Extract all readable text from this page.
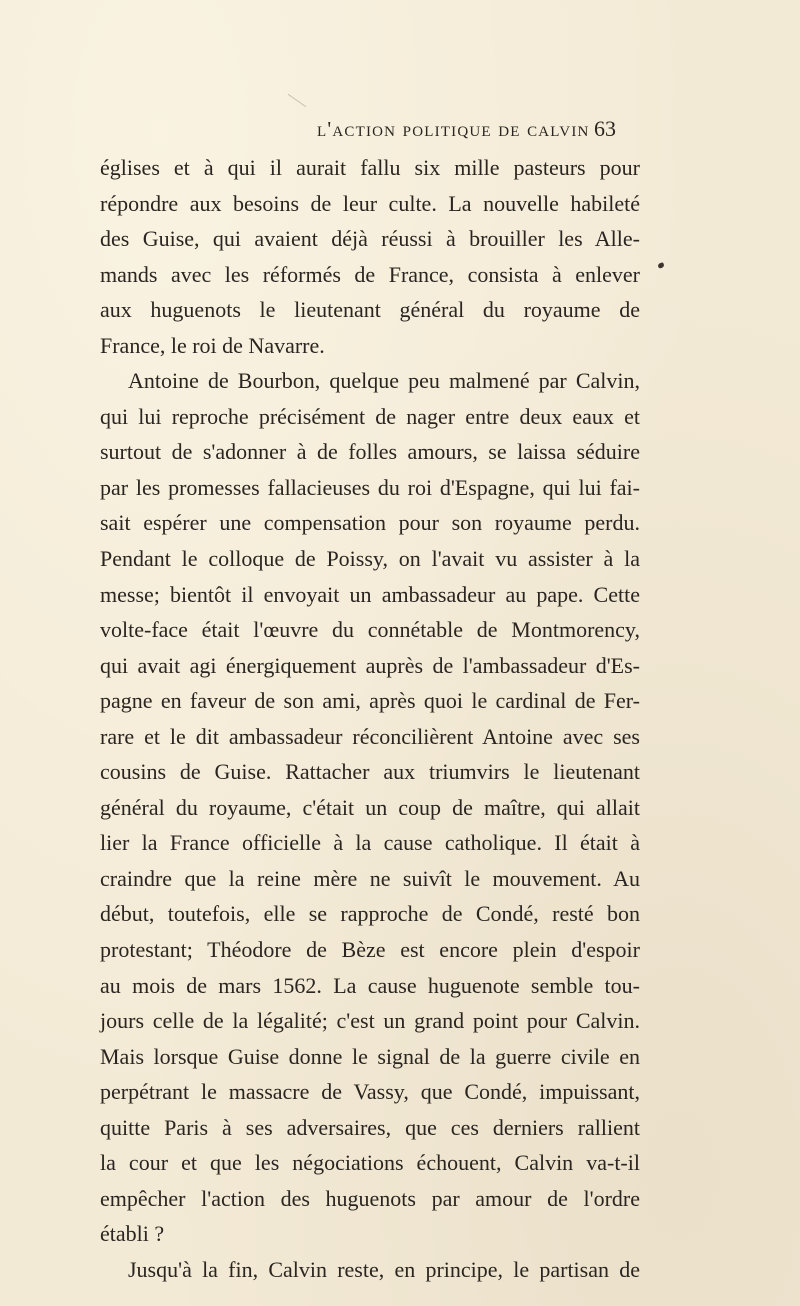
l'action politique de calvin 63
églises et à qui il aurait fallu six mille pasteurs pour
répondre aux besoins de leur culte. La nouvelle habileté
des Guise, qui avaient déjà réussi à brouiller les Alle-
mands avec les réformés de France, consista à enlever
aux huguenots le lieutenant général du royaume de
France, le roi de Navarre.
Antoine de Bourbon, quelque peu malmené par Calvin,
qui lui reproche précisément de nager entre deux eaux et
surtout de s'adonner à de folles amours, se laissa séduire
par les promesses fallacieuses du roi d'Espagne, qui lui fai-
sait espérer une compensation pour son royaume perdu.
Pendant le colloque de Poissy, on l'avait vu assister à la
messe; bientôt il envoyait un ambassadeur au pape. Cette
volte-face était l'œuvre du connétable de Montmorency,
qui avait agi énergiquement auprès de l'ambassadeur d'Es-
pagne en faveur de son ami, après quoi le cardinal de Fer-
rare et le dit ambassadeur réconcilièrent Antoine avec ses
cousins de Guise. Rattacher aux triumvirs le lieutenant
général du royaume, c'était un coup de maître, qui allait
lier la France officielle à la cause catholique. Il était à
craindre que la reine mère ne suivît le mouvement. Au
début, toutefois, elle se rapproche de Condé, resté bon
protestant; Théodore de Bèze est encore plein d'espoir
au mois de mars 1562. La cause huguenote semble tou-
jours celle de la légalité; c'est un grand point pour Calvin.
Mais lorsque Guise donne le signal de la guerre civile en
perpétrant le massacre de Vassy, que Condé, impuissant,
quitte Paris à ses adversaires, que ces derniers rallient
la cour et que les négociations échouent, Calvin va-t-il
empêcher l'action des huguenots par amour de l'ordre
établi ?
Jusqu'à la fin, Calvin reste, en principe, le partisan de
